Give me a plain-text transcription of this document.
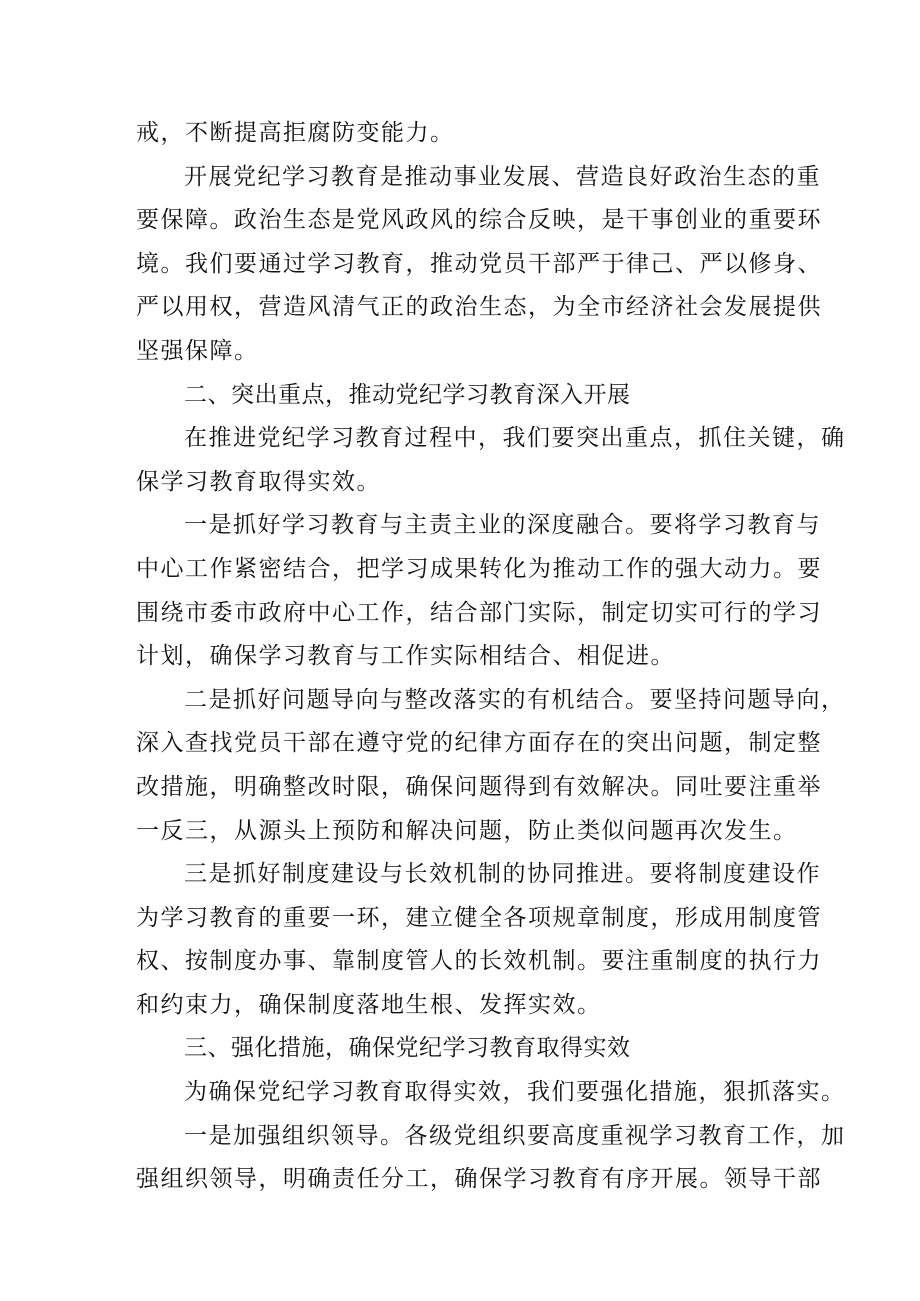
戒，不断提高拒腐防变能力。
开展党纪学习教育是推动事业发展、营造良好政治生态的重
要保障。政治生态是党风政风的综合反映，是干事创业的重要环
境。我们要通过学习教育，推动党员干部严于律己、严以修身、
严以用权，营造风清气正的政治生态，为全市经济社会发展提供
坚强保障。
二、突出重点，推动党纪学习教育深入开展
在推进党纪学习教育过程中，我们要突出重点，抓住关键，确
保学习教育取得实效。
一是抓好学习教育与主责主业的深度融合。要将学习教育与
中心工作紧密结合，把学习成果转化为推动工作的强大动力。要
围绕市委市政府中心工作，结合部门实际，制定切实可行的学习
计划，确保学习教育与工作实际相结合、相促进。
二是抓好问题导向与整改落实的有机结合。要坚持问题导向，
深入查找党员干部在遵守党的纪律方面存在的突出问题，制定整
改措施，明确整改时限，确保问题得到有效解决。同吐要注重举
一反三，从源头上预防和解决问题，防止类似问题再次发生。
三是抓好制度建设与长效机制的协同推进。要将制度建设作
为学习教育的重要一环，建立健全各项规章制度，形成用制度管
权、按制度办事、靠制度管人的长效机制。要注重制度的执行力
和约束力，确保制度落地生根、发挥实效。
三、强化措施，确保党纪学习教育取得实效
为确保党纪学习教育取得实效，我们要强化措施，狠抓落实。
一是加强组织领导。各级党组织要高度重视学习教育工作，加
强组织领导，明确责任分工，确保学习教育有序开展。领导干部
